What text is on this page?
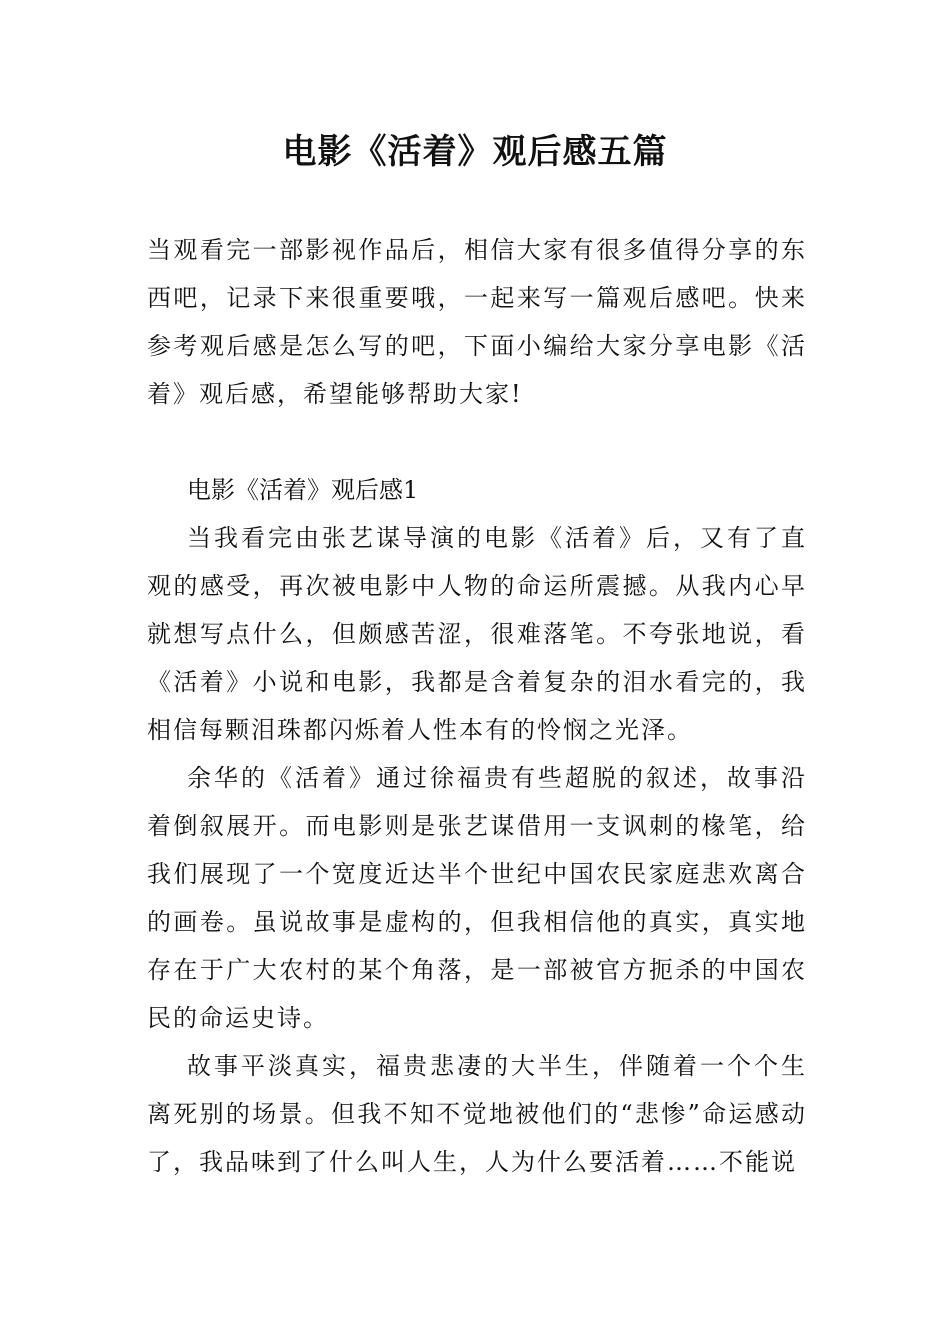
电影《活着》观后感五篇

当观看完一部影视作品后，相信大家有很多值得分享的东西吧，记录下来很重要哦，一起来写一篇观后感吧。快来参考观后感是怎么写的吧，下面小编给大家分享电影《活着》观后感，希望能够帮助大家!

电影《活着》观后感1

当我看完由张艺谋导演的电影《活着》后，又有了直观的感受，再次被电影中人物的命运所震撼。从我内心早就想写点什么，但颇感苦涩，很难落笔。不夸张地说，看《活着》小说和电影，我都是含着复杂的泪水看完的，我相信每颗泪珠都闪烁着人性本有的怜悯之光泽。

余华的《活着》通过徐福贵有些超脱的叙述，故事沿着倒叙展开。而电影则是张艺谋借用一支讽刺的椽笔，给我们展现了一个宽度近达半个世纪中国农民家庭悲欢离合的画卷。虽说故事是虚构的，但我相信他的真实，真实地存在于广大农村的某个角落，是一部被官方扼杀的中国农民的命运史诗。

故事平淡真实，福贵悲凄的大半生，伴随着一个个生离死别的场景。但我不知不觉地被他们的“悲惨”命运感动了，我品味到了什么叫人生，人为什么要活着……不能说
